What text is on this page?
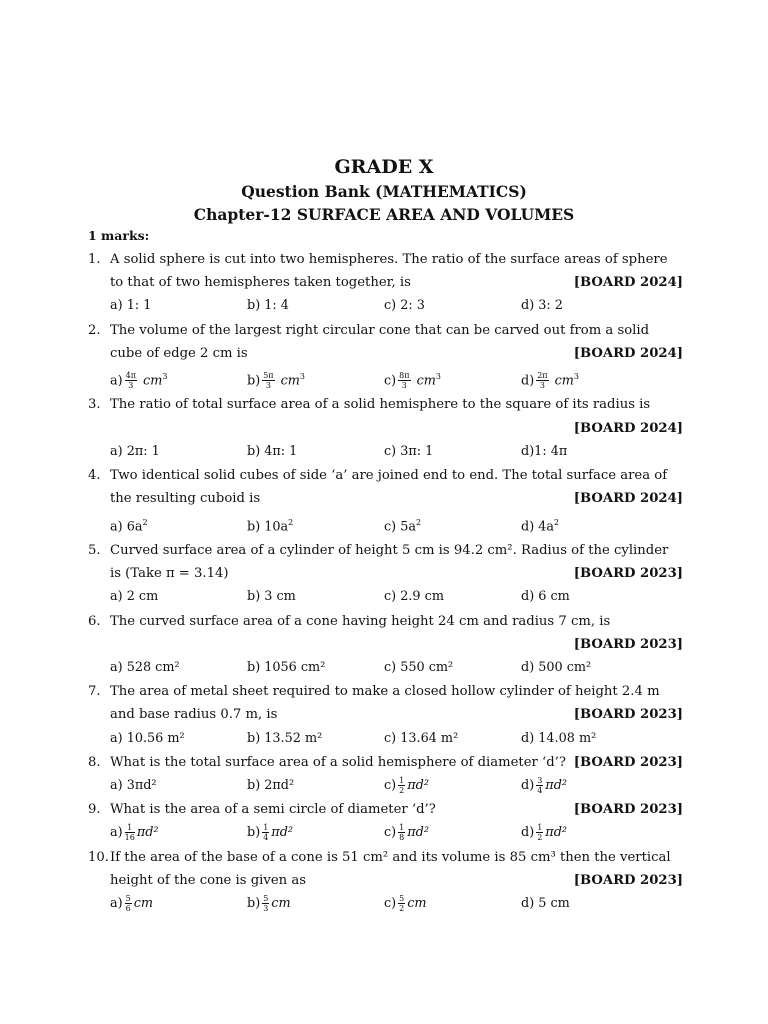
GRADE X
Question Bank (MATHEMATICS)
Chapter-12 SURFACE AREA AND VOLUMES
1 marks:
1. A solid sphere is cut into two hemispheres. The ratio of the surface areas of sphere
to that of two hemispheres taken together, is	[BOARD 2024]
a) 1: 1	b) 1: 4	c) 2: 3	d) 3: 2
2. The volume of the largest right circular cone that can be carved out from a solid
cube of edge 2 cm is	[BOARD 2024]
$a) \frac{4\pi}{3} cm^3$	$b) \frac{5\pi}{3} cm^3$	$c) \frac{8\pi}{3} cm^3$	$d) \frac{2\pi}{3} cm^3$
3. The ratio of total surface area of a solid hemisphere to the square of its radius is
[BOARD 2024]
a) 2π: 1	b) 4π: 1	c) 3π: 1	d)1: 4π
4. Two identical solid cubes of side ‘a’ are joined end to end. The total surface area of
the resulting cuboid is	[BOARD 2024]
a) $6a^2$	b) $10a^2$	c) $5a^2$	d) $4a^2$
5. Curved surface area of a cylinder of height 5 cm is 94.2 cm². Radius of the cylinder
is (Take π = 3.14)	[BOARD 2023]
a) 2 cm	b) 3 cm	c) 2.9 cm	d) 6 cm
6. The curved surface area of a cone having height 24 cm and radius 7 cm, is
[BOARD 2023]
a) 528 cm²	b) 1056 cm²	c) 550 cm²	d) 500 cm²
7. The area of metal sheet required to make a closed hollow cylinder of height 2.4 m
and base radius 0.7 m, is	[BOARD 2023]
a) 10.56 m²	b) 13.52 m²	c) 13.64 m²	d) 14.08 m²
8. What is the total surface area of a solid hemisphere of diameter ‘d’? [BOARD 2023]
a) 3πd²	b) 2πd²	$c) \frac{1}{2} \pi d^2$	$d) \frac{3}{4} \pi d^2$
9. What is the area of a semi circle of diameter ‘d’?	[BOARD 2023]
$a) \frac{1}{16} \pi d^2$	$b) \frac{1}{4} \pi d^2$	$c) \frac{1}{8} \pi d^2$	$d) \frac{1}{2} \pi d^2$
10. If the area of the base of a cone is 51 cm² and its volume is 85 cm³ then the vertical
height of the cone is given as	[BOARD 2023]
$a) \frac{5}{6}$ cm	$b) \frac{5}{3}$ cm	$c) \frac{5}{2}$ cm	d) 5 cm
